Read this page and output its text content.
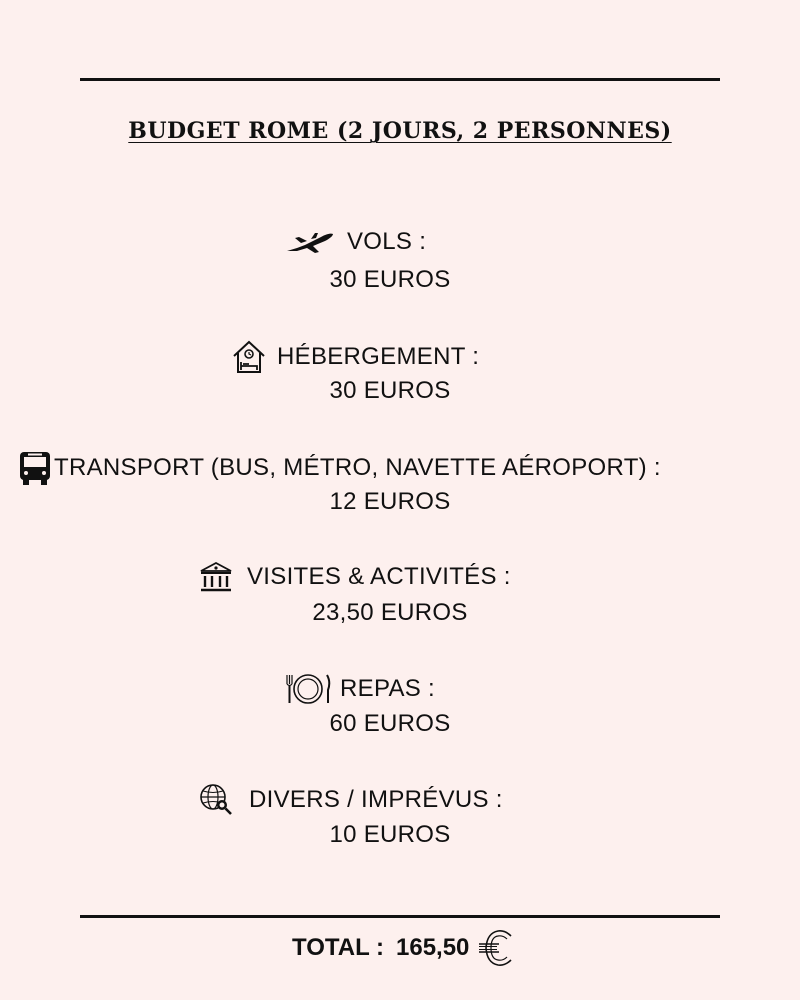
BUDGET ROME (2 JOURS, 2 PERSONNES)
VOLS :
30 EUROS
HÉBERGEMENT :
30 EUROS
TRANSPORT (BUS, MÉTRO, NAVETTE AÉROPORT) :
12 EUROS
VISITES & ACTIVITÉS :
23,50 EUROS
REPAS :
60 EUROS
DIVERS / IMPRÉVUS :
10 EUROS
TOTAL : 165,50
